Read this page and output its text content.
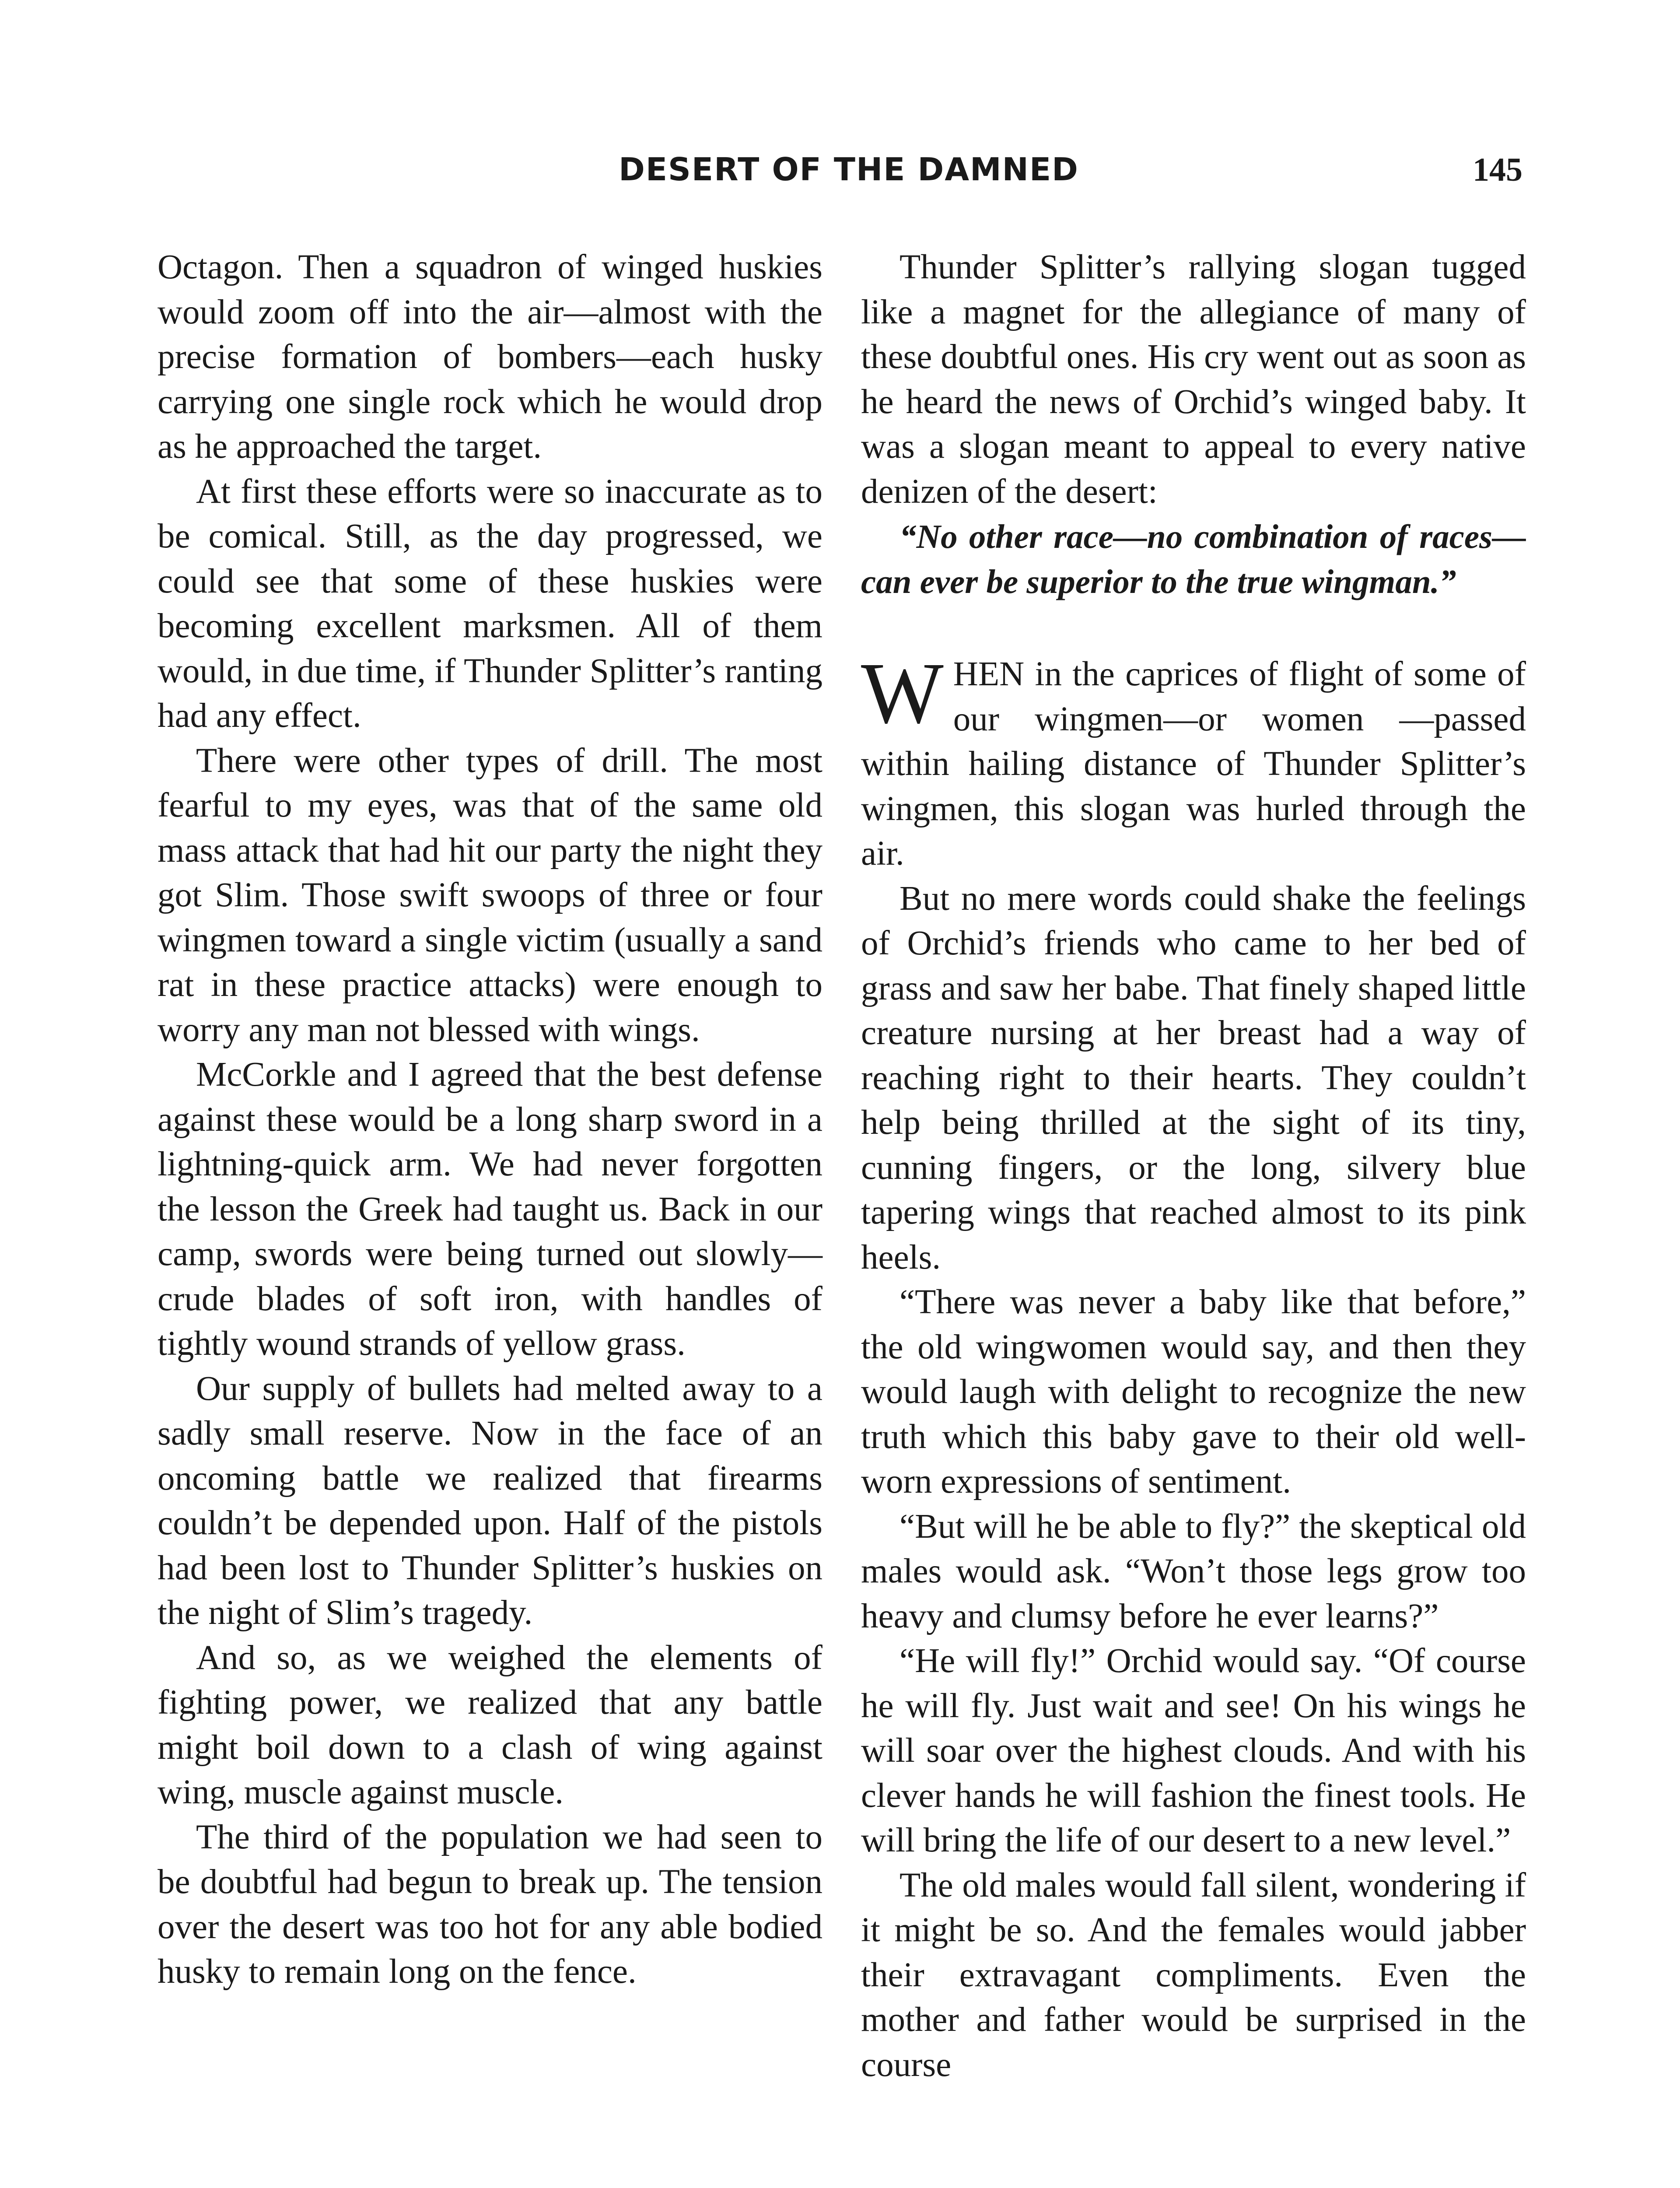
DESERT OF THE DAMNED	145

Octagon. Then a squadron of winged huskies would zoom off into the air—almost with the precise formation of bombers—each husky carrying one single rock which he would drop as he approached the target.

At first these efforts were so inaccurate as to be comical. Still, as the day progressed, we could see that some of these huskies were becoming excellent marksmen. All of them would, in due time, if Thunder Splitter’s ranting had any effect.

There were other types of drill. The most fearful to my eyes, was that of the same old mass attack that had hit our party the night they got Slim. Those swift swoops of three or four wingmen toward a single victim (usually a sand rat in these practice attacks) were enough to worry any man not blessed with wings.

McCorkle and I agreed that the best defense against these would be a long sharp sword in a lightning-quick arm. We had never forgotten the lesson the Greek had taught us. Back in our camp, swords were being turned out slowly—crude blades of soft iron, with handles of tightly wound strands of yellow grass.

Our supply of bullets had melted away to a sadly small reserve. Now in the face of an oncoming battle we realized that firearms couldn’t be depended upon. Half of the pistols had been lost to Thunder Splitter’s huskies on the night of Slim’s tragedy.

And so, as we weighed the elements of fighting power, we realized that any battle might boil down to a clash of wing against wing, muscle against muscle.

The third of the population we had seen to be doubtful had begun to break up. The tension over the desert was too hot for any able bodied husky to remain long on the fence.

Thunder Splitter’s rallying slogan tugged like a magnet for the allegiance of many of these doubtful ones. His cry went out as soon as he heard the news of Orchid’s winged baby. It was a slogan meant to appeal to every native denizen of the desert:

“No other race—no combination of races—can ever be superior to the true wingman.”

WHEN in the caprices of flight of some of our wingmen—or women —passed within hailing distance of Thunder Splitter’s wingmen, this slogan was hurled through the air.

But no mere words could shake the feelings of Orchid’s friends who came to her bed of grass and saw her babe. That finely shaped little creature nursing at her breast had a way of reaching right to their hearts. They couldn’t help being thrilled at the sight of its tiny, cunning fingers, or the long, silvery blue tapering wings that reached almost to its pink heels.

“There was never a baby like that before,” the old wingwomen would say, and then they would laugh with delight to recognize the new truth which this baby gave to their old well-worn expressions of sentiment.

“But will he be able to fly?” the skeptical old males would ask. “Won’t those legs grow too heavy and clumsy before he ever learns?”

“He will fly!” Orchid would say. “Of course he will fly. Just wait and see! On his wings he will soar over the highest clouds. And with his clever hands he will fashion the finest tools. He will bring the life of our desert to a new level.”

The old males would fall silent, wondering if it might be so. And the females would jabber their extravagant compliments. Even the mother and father would be surprised in the course
